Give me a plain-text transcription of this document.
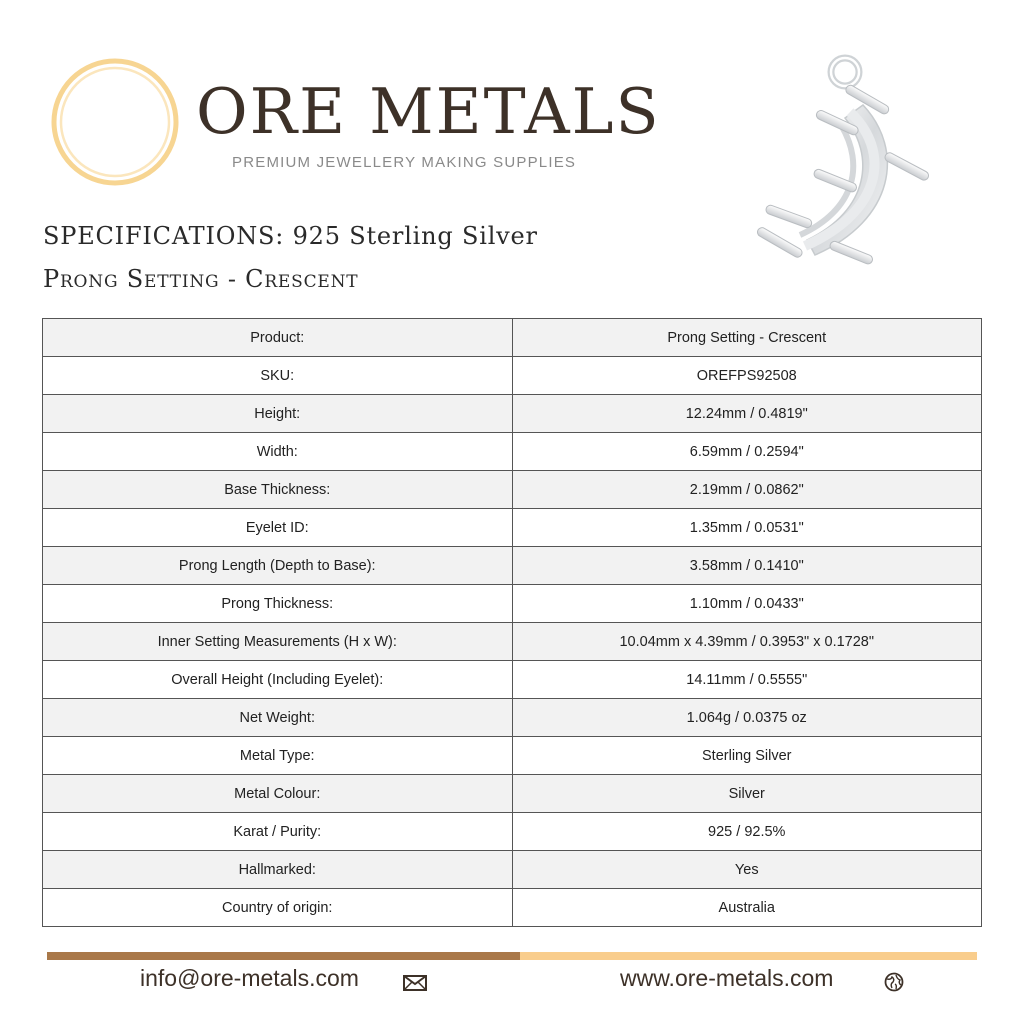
ORE METALS
PREMIUM JEWELLERY MAKING SUPPLIES
SPECIFICATIONS: 925 Sterling Silver
Prong Setting - Crescent
Product:	Prong Setting - Crescent
SKU:	OREFPS92508
Height:	12.24mm / 0.4819"
Width:	6.59mm / 0.2594"
Base Thickness:	2.19mm / 0.0862"
Eyelet ID:	1.35mm / 0.0531"
Prong Length (Depth to Base):	3.58mm / 0.1410"
Prong Thickness:	1.10mm / 0.0433"
Inner Setting Measurements (H x W):	10.04mm x 4.39mm / 0.3953" x 0.1728"
Overall Height (Including Eyelet):	14.11mm / 0.5555"
Net Weight:	1.064g / 0.0375 oz
Metal Type:	Sterling Silver
Metal Colour:	Silver
Karat / Purity:	925 / 92.5%
Hallmarked:	Yes
Country of origin:	Australia
info@ore-metals.com	www.ore-metals.com
